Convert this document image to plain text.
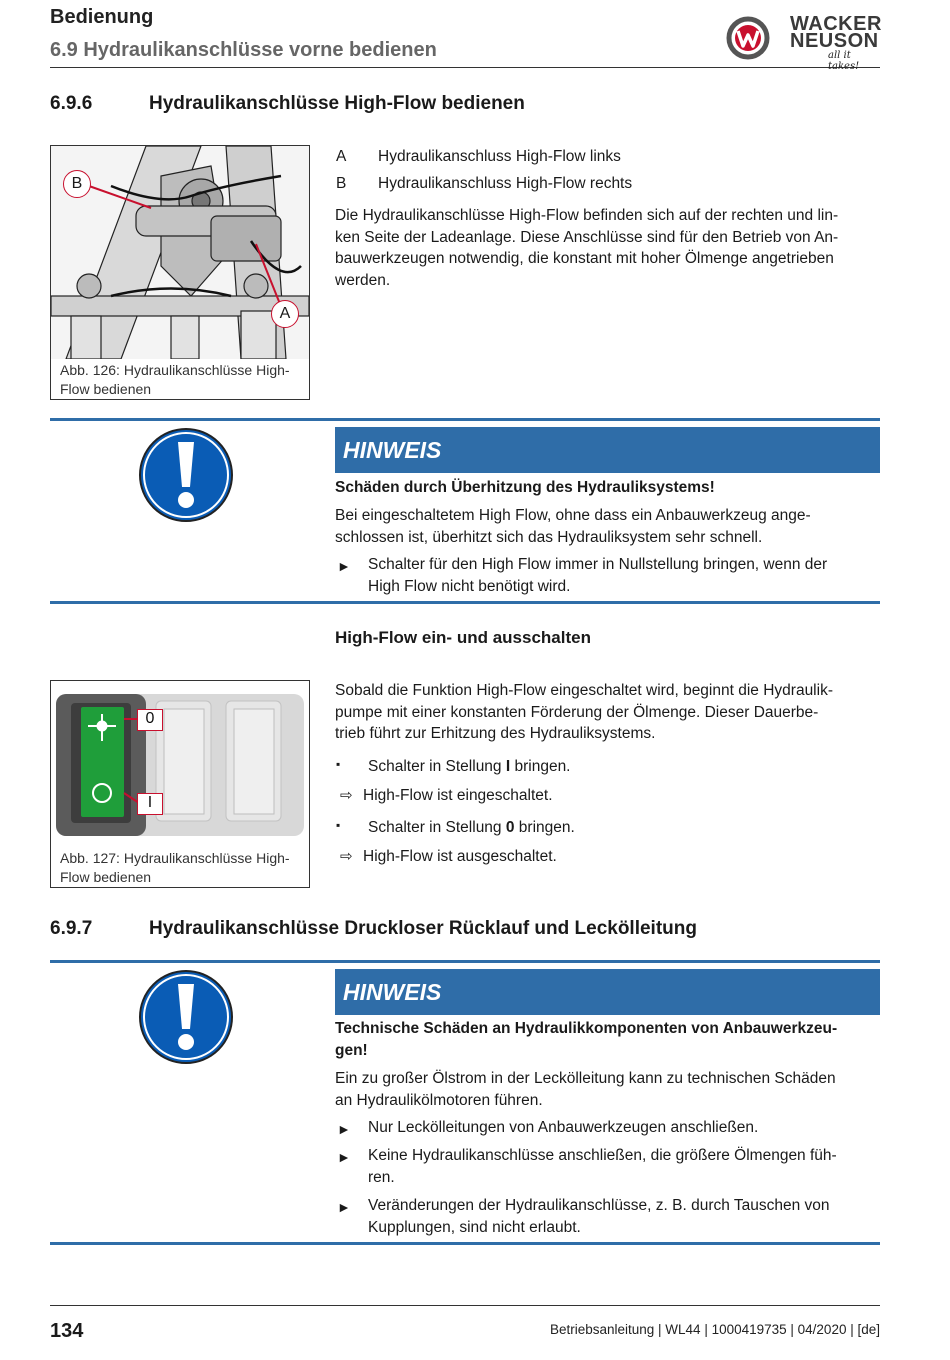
Bedienung
6.9 Hydraulikanschlüsse vorne bedienen
WACKER
NEUSON
all it takes!
6.9.6	Hydraulikanschlüsse High-Flow bedienen
B
A
Abb. 126: Hydraulikanschlüsse High-
Flow bedienen
A Hydraulikanschluss High-Flow links
B Hydraulikanschluss High-Flow rechts
Die Hydraulikanschlüsse High-Flow befinden sich auf der rechten und lin-
ken Seite der Ladeanlage. Diese Anschlüsse sind für den Betrieb von An-
bauwerkzeugen notwendig, die konstant mit hoher Ölmenge angetrieben
werden.
HINWEIS
Schäden durch Überhitzung des Hydrauliksystems!
Bei eingeschaltetem High Flow, ohne dass ein Anbauwerkzeug ange-
schlossen ist, überhitzt sich das Hydrauliksystem sehr schnell.
► Schalter für den High Flow immer in Nullstellung bringen, wenn der
High Flow nicht benötigt wird.
High-Flow ein- und ausschalten
0
I
Abb. 127: Hydraulikanschlüsse High-
Flow bedienen
Sobald die Funktion High-Flow eingeschaltet wird, beginnt die Hydraulik-
pumpe mit einer konstanten Förderung der Ölmenge. Dieser Dauerbe-
trieb führt zur Erhitzung des Hydrauliksystems.
▪ Schalter in Stellung I bringen.
⇨ High-Flow ist eingeschaltet.
▪ Schalter in Stellung 0 bringen.
⇨ High-Flow ist ausgeschaltet.
6.9.7	Hydraulikanschlüsse Druckloser Rücklauf und Leckölleitung
HINWEIS
Technische Schäden an Hydraulikkomponenten von Anbauwerkzeu-
gen!
Ein zu großer Ölstrom in der Leckölleitung kann zu technischen Schäden
an Hydraulikölmotoren führen.
► Nur Leckölleitungen von Anbauwerkzeugen anschließen.
► Keine Hydraulikanschlüsse anschließen, die größere Ölmengen füh-
ren.
► Veränderungen der Hydraulikanschlüsse, z. B. durch Tauschen von
Kupplungen, sind nicht erlaubt.
134	Betriebsanleitung | WL44 | 1000419735 | 04/2020 | [de]
